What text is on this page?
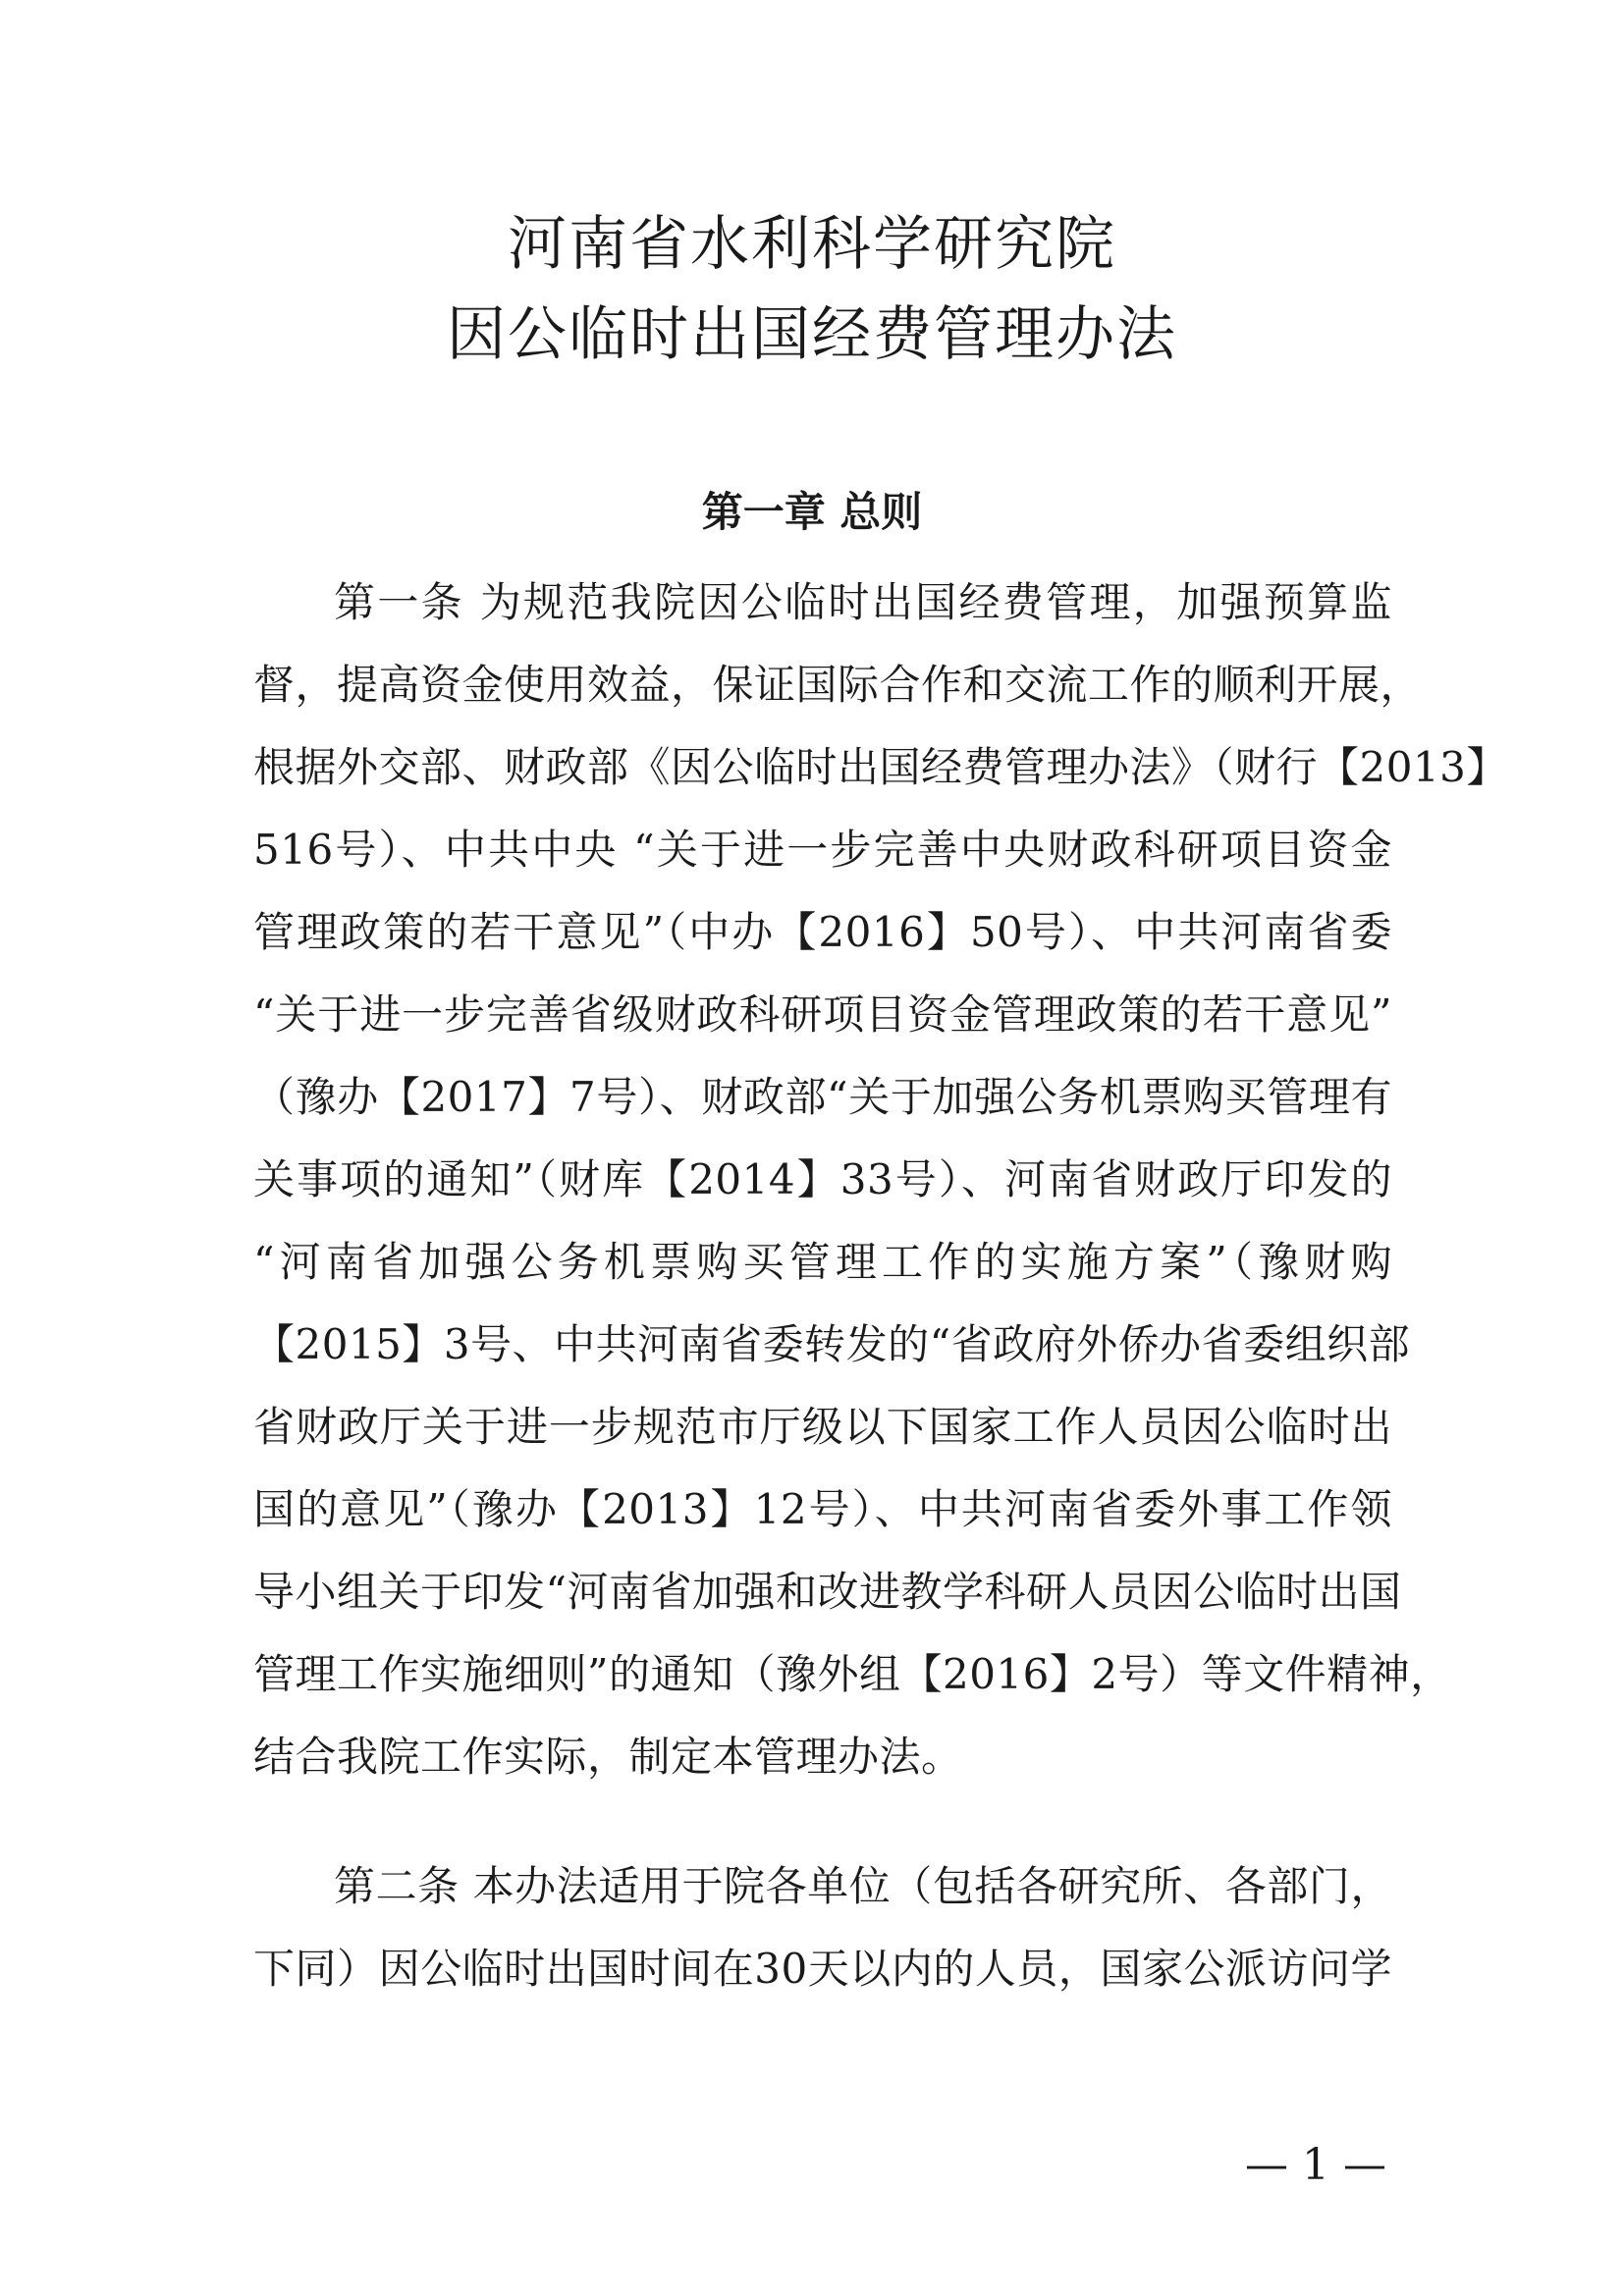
河南省水利科学研究院
因公临时出国经费管理办法
第一章 总则
第一条 为规范我院因公临时出国经费管理，加强预算监
督，提高资金使用效益，保证国际合作和交流工作的顺利开展，
根据外交部、财政部《因公临时出国经费管理办法》（财行【2013】
516号）、中共中央 “关于进一步完善中央财政科研项目资金
管理政策的若干意见”（中办【2016】50号）、中共河南省委
“关于进一步完善省级财政科研项目资金管理政策的若干意见”
（豫办【2017】7号）、财政部“关于加强公务机票购买管理有
关事项的通知”（财库【2014】33号）、河南省财政厅印发的
“河南省加强公务机票购买管理工作的实施方案”（豫财购
【2015】3号、中共河南省委转发的“省政府外侨办省委组织部
省财政厅关于进一步规范市厅级以下国家工作人员因公临时出
国的意见”（豫办【2013】12号）、中共河南省委外事工作领
导小组关于印发“河南省加强和改进教学科研人员因公临时出国
管理工作实施细则”的通知（豫外组【2016】2号）等文件精神，
结合我院工作实际，制定本管理办法。
第二条 本办法适用于院各单位（包括各研究所、各部门，
下同）因公临时出国时间在30天以内的人员，国家公派访问学
— 1 —
